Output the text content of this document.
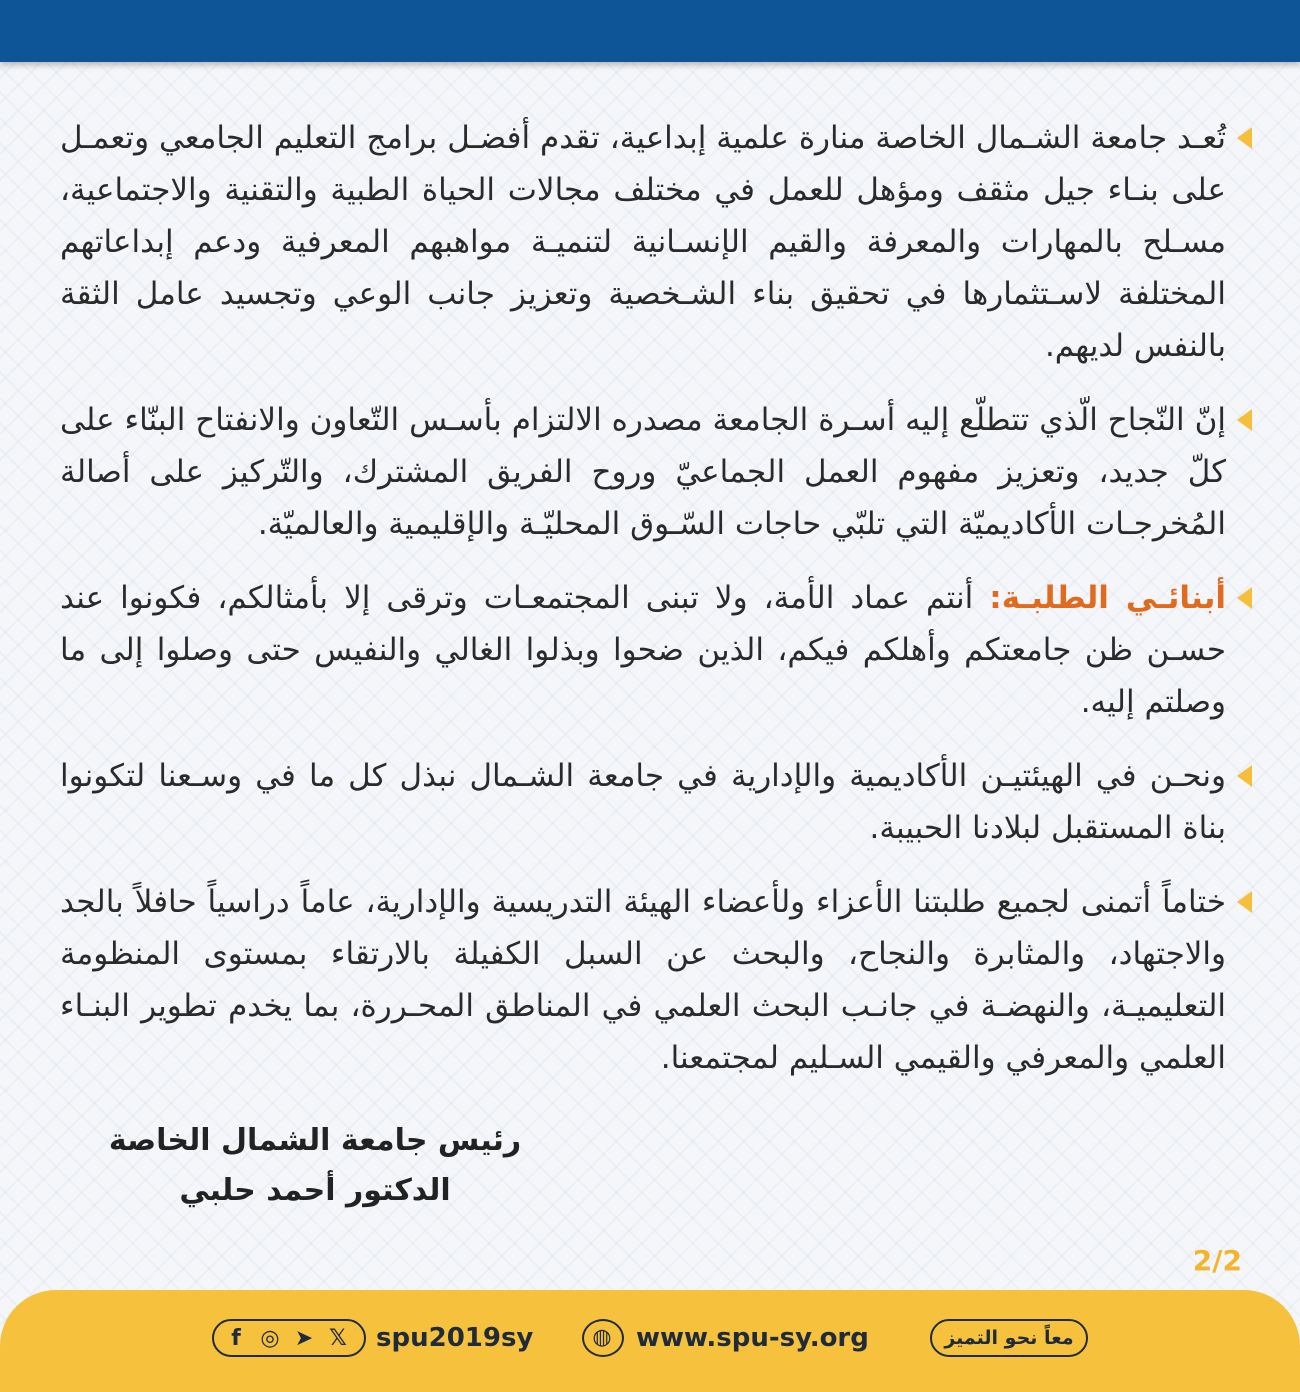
تُعـد جامعة الشـمال الخاصة منارة علمية إبداعية، تقدم أفضـل برامج التعليم الجامعي وتعمـل على بنـاء جيل مثقف ومؤهل للعمل في مختلف مجالات الحياة الطبية والتقنية والاجتماعية، مسـلح بالمهارات والمعرفة والقيم الإنسـانية لتنميـة مواهبهم المعرفية ودعم إبداعاتهم المختلفة لاسـتثمارها في تحقيق بناء الشـخصية وتعزيز جانب الوعي وتجسيد عامل الثقة بالنفس لديهم.

إنّ النّجاح الّذي تتطلّع إليه أسـرة الجامعة مصدره الالتزام بأسـس التّعاون والانفتاح البنّاء على كلّ جديد، وتعزيز مفهوم العمل الجماعيّ وروح الفريق المشترك، والتّركيز على أصالة المُخرجـات الأكاديميّة التي تلبّي حاجات السّـوق المحليّـة والإقليمية والعالميّة.

أبنائـي الطلبـة: أنتم عماد الأمة، ولا تبنى المجتمعـات وترقى إلا بأمثالكم، فكونوا عند حسـن ظن جامعتكم وأهلكم فيكم، الذين ضحوا وبذلوا الغالي والنفيس حتى وصلوا إلى ما وصلتم إليه.

ونحـن في الهيئتيـن الأكاديمية والإدارية في جامعة الشـمال نبذل كل ما في وسـعنا لتكونوا بناة المستقبل لبلادنا الحبيبة.

ختاماً أتمنى لجميع طلبتنا الأعزاء ولأعضاء الهيئة التدريسية والإدارية، عاماً دراسياً حافلاً بالجد والاجتهاد، والمثابرة والنجاح، والبحث عن السبل الكفيلة بالارتقاء بمستوى المنظومة التعليميـة، والنهضـة في جانـب البحث العلمي في المناطق المحـررة، بما يخدم تطوير البنـاء العلمي والمعرفي والقيمي السـليم لمجتمعنا.

رئيس جامعة الشمال الخاصة
الدكتور أحمد حلبي
2/2
f ◎ ➤ 𝕏 spu2019sy	◍ www.spu-sy.org	معاً نحو التميز
